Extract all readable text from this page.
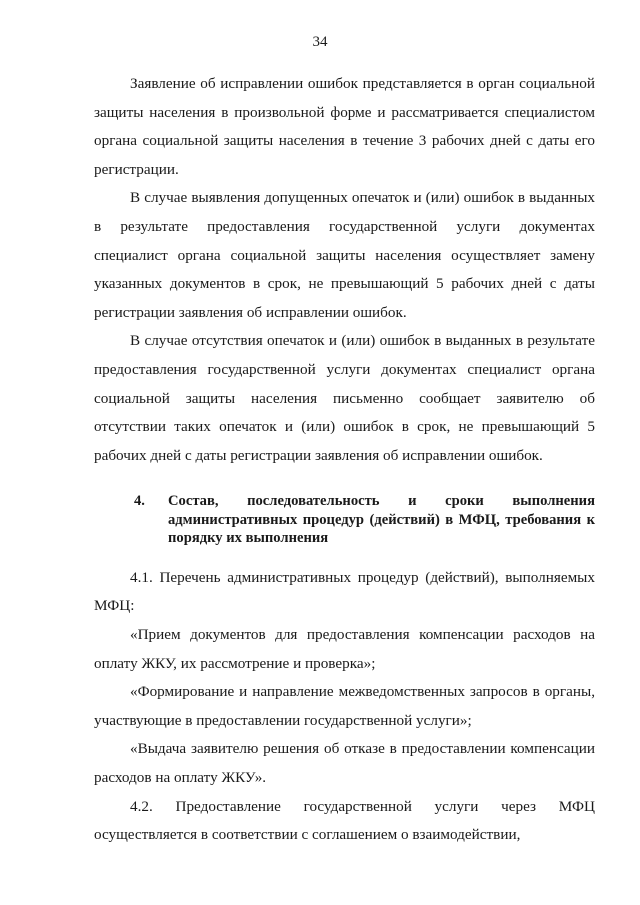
34

Заявление об исправлении ошибок представляется в орган социальной защиты населения в произвольной форме и рассматривается специалистом органа социальной защиты населения в течение 3 рабочих дней с даты его регистрации.

В случае выявления допущенных опечаток и (или) ошибок в выданных в результате предоставления государственной услуги документах специалист органа социальной защиты населения осуществляет замену указанных документов в срок, не превышающий 5 рабочих дней с даты регистрации заявления об исправлении ошибок.

В случае отсутствия опечаток и (или) ошибок в выданных в результате предоставления государственной услуги документах специалист органа социальной защиты населения письменно сообщает заявителю об отсутствии таких опечаток и (или) ошибок в срок, не превышающий 5 рабочих дней с даты регистрации заявления об исправлении ошибок.

4.	Состав, последовательность и сроки выполнения административных процедур (действий) в МФЦ, требования к порядку их выполнения

4.1. Перечень административных процедур (действий), выполняемых МФЦ:

«Прием документов для предоставления компенсации расходов на оплату ЖКУ, их рассмотрение и проверка»;

«Формирование и направление межведомственных запросов в органы, участвующие в предоставлении государственной услуги»;

«Выдача заявителю решения об отказе в предоставлении компенсации расходов на оплату ЖКУ».

4.2. Предоставление государственной услуги через МФЦ осуществляется в соответствии с соглашением о взаимодействии,
